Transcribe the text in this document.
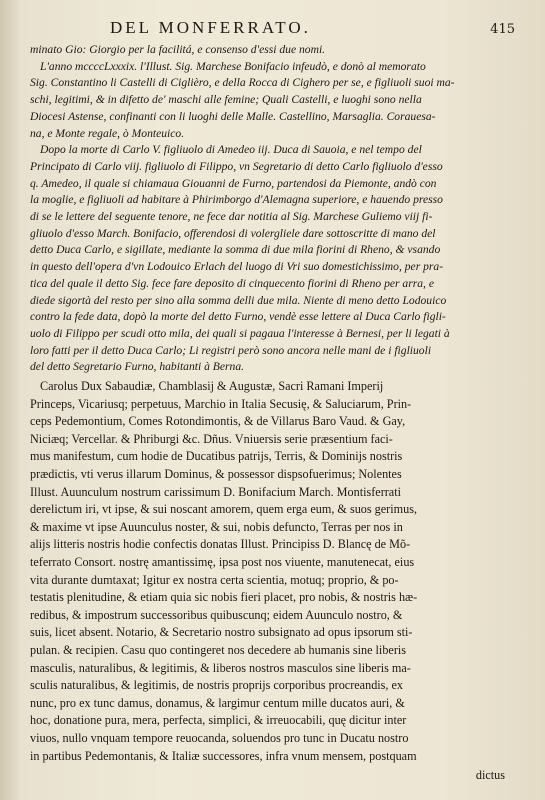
DEL MONFERRATO.	415
minato Gio: Giorgio per la facilitá, e consenso d'essi due nomi.
L'anno mccccLxxxix. l'Illust. Sig. Marchese Bonifacio infeudò, e donò al memorato
Sig. Constantino li Castelli di Ciglièro, e della Rocca di Cighero per se, e figliuoli suoi ma-
schi, legitimi, & in difetto de' maschi alle femine; Quali Castelli, e luoghi sono nella
Diocesi Astense, confinanti con li luoghi delle Malle. Castellino, Marsaglia. Corauesa-
na, e Monte regale, ò Monteuico.
Dopo la morte di Carlo V. figliuolo di Amedeo iij. Duca di Sauoia, e nel tempo del
Principato di Carlo viij. figliuolo di Filippo, vn Segretario di detto Carlo figliuolo d'esso
q. Amedeo, il quale si chiamaua Giouanni de Furno, partendosi da Piemonte, andò con
la moglie, e figliuoli ad habitare à Phirimborgo d'Alemagna superiore, e hauendo presso
di se le lettere del seguente tenore, ne fece dar notitia al Sig. Marchese Guliemo viij fi-
gliuolo d'esso March. Bonifacio, offerendosi di volergliele dare sottoscritte di mano del
detto Duca Carlo, e sigillate, mediante la somma di due mila fiorini di Rheno, & vsando
in questo dell'opera d'vn Lodouico Erlach del luogo di Vri suo domestichissimo, per pra-
tica del quale il detto Sig. fece fare deposito di cinquecento fiorini di Rheno per arra, e
diede sigortà del resto per sino alla somma delli due mila. Niente di meno detto Lodouico
contro la fede data, dopò la morte del detto Furno, vendè esse lettere al Duca Carlo figli-
uolo di Filippo per scudi otto mila, dei quali si pagaua l'interesse à Bernesi, per li legati à
loro fatti per il detto Duca Carlo; Li registri però sono ancora nelle mani de i figliuoli
del detto Segretario Furno, habitanti à Berna.
Carolus Dux Sabaudiæ, Chamblasij & Augustæ, Sacri Ramani Imperij
Princeps, Vicariusq; perpetuus, Marchio in Italia Secusię, & Saluciarum, Prin-
ceps Pedemontium, Comes Rotondimontis, & de Villarus Baro Vaud. & Gay,
Niciæq; Vercellar. & Phriburgi &c. Dñus. Vniuersis serie præsentium faci-
mus manifestum, cum hodie de Ducatibus patrijs, Terris, & Dominijs nostris
prædictis, vti verus illarum Dominus, & possessor dispsofuerimus; Nolentes
Illust. Auunculum nostrum carissimum D. Bonifacium March. Montisferrati
derelictum iri, vt ipse, & sui noscant amorem, quem erga eum, & suos gerimus,
& maxime vt ipse Auunculus noster, & sui, nobis defuncto, Terras per nos in
alijs litteris nostris hodie confectis donatas Illust. Principiss D. Blancę de Mõ-
teferrato Consort. nostrę amantissimę, ipsa post nos viuente, manutenecat, eius
vita durante dumtaxat; Igitur ex nostra certa scientia, motuq; proprio, & po-
testatis plenitudine, & etiam quia sic nobis fieri placet, pro nobis, & nostris hæ-
redibus, & impostrum successoribus quibuscunq; eidem Auunculo nostro, &
suis, licet absent. Notario, & Secretario nostro subsignato ad opus ipsorum sti-
pulan. & recipien. Casu quo contingeret nos decedere ab humanis sine liberis
masculis, naturalibus, & legitimis, & liberos nostros masculos sine liberis ma-
sculis naturalibus, & legitimis, de nostris proprijs corporibus procreandis, ex
nunc, pro ex tunc damus, donamus, & largimur centum mille ducatos auri, &
hoc, donatione pura, mera, perfecta, simplici, & irreuocabili, quę dicitur inter
viuos, nullo vnquam tempore reuocanda, soluendos pro tunc in Ducatu nostro
in partibus Pedemontanis, & Italiæ successores, infra vnum mensem, postquam
dictus
